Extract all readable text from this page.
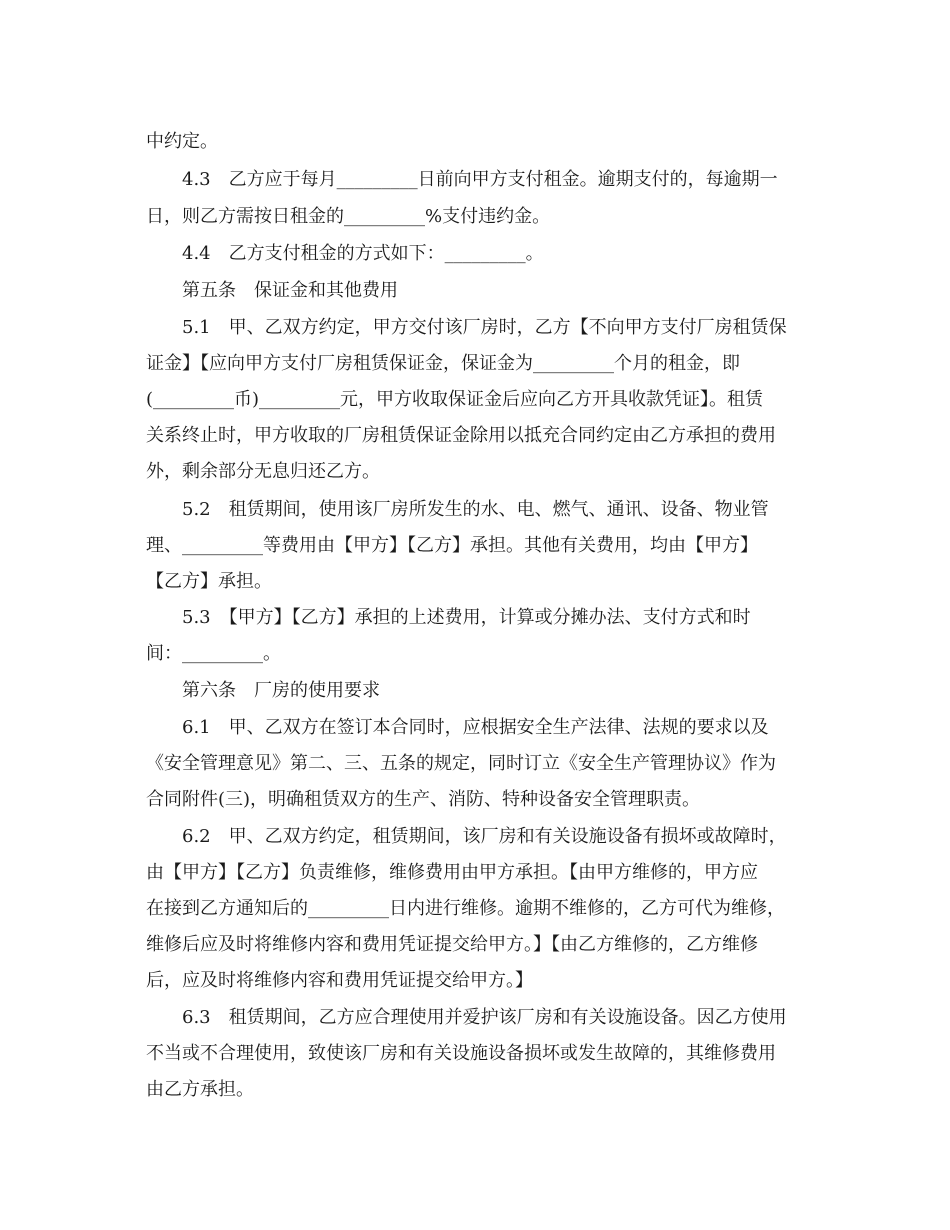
中约定。
4.3　乙方应于每月_________日前向甲方支付租金。逾期支付的，每逾期一
日，则乙方需按日租金的_________%支付违约金。
4.4　乙方支付租金的方式如下：_________。
第五条　保证金和其他费用
5.1　甲、乙双方约定，甲方交付该厂房时，乙方【不向甲方支付厂房租赁保
证金】【应向甲方支付厂房租赁保证金，保证金为_________个月的租金，即
(_________币)_________元，甲方收取保证金后应向乙方开具收款凭证】。租赁
关系终止时，甲方收取的厂房租赁保证金除用以抵充合同约定由乙方承担的费用
外，剩余部分无息归还乙方。
5.2　租赁期间，使用该厂房所发生的水、电、燃气、通讯、设备、物业管
理、_________等费用由【甲方】【乙方】承担。其他有关费用，均由【甲方】
【乙方】承担。
5.3　【甲方】【乙方】承担的上述费用，计算或分摊办法、支付方式和时
间：_________。
第六条　厂房的使用要求
6.1　甲、乙双方在签订本合同时，应根据安全生产法律、法规的要求以及
《安全管理意见》第二、三、五条的规定，同时订立《安全生产管理协议》作为
合同附件(三)，明确租赁双方的生产、消防、特种设备安全管理职责。
6.2　甲、乙双方约定，租赁期间，该厂房和有关设施设备有损坏或故障时，
由【甲方】【乙方】负责维修，维修费用由甲方承担。【由甲方维修的，甲方应
在接到乙方通知后的_________日内进行维修。逾期不维修的，乙方可代为维修，
维修后应及时将维修内容和费用凭证提交给甲方。】【由乙方维修的，乙方维修
后，应及时将维修内容和费用凭证提交给甲方。】
6.3　租赁期间，乙方应合理使用并爱护该厂房和有关设施设备。因乙方使用
不当或不合理使用，致使该厂房和有关设施设备损坏或发生故障的，其维修费用
由乙方承担。
